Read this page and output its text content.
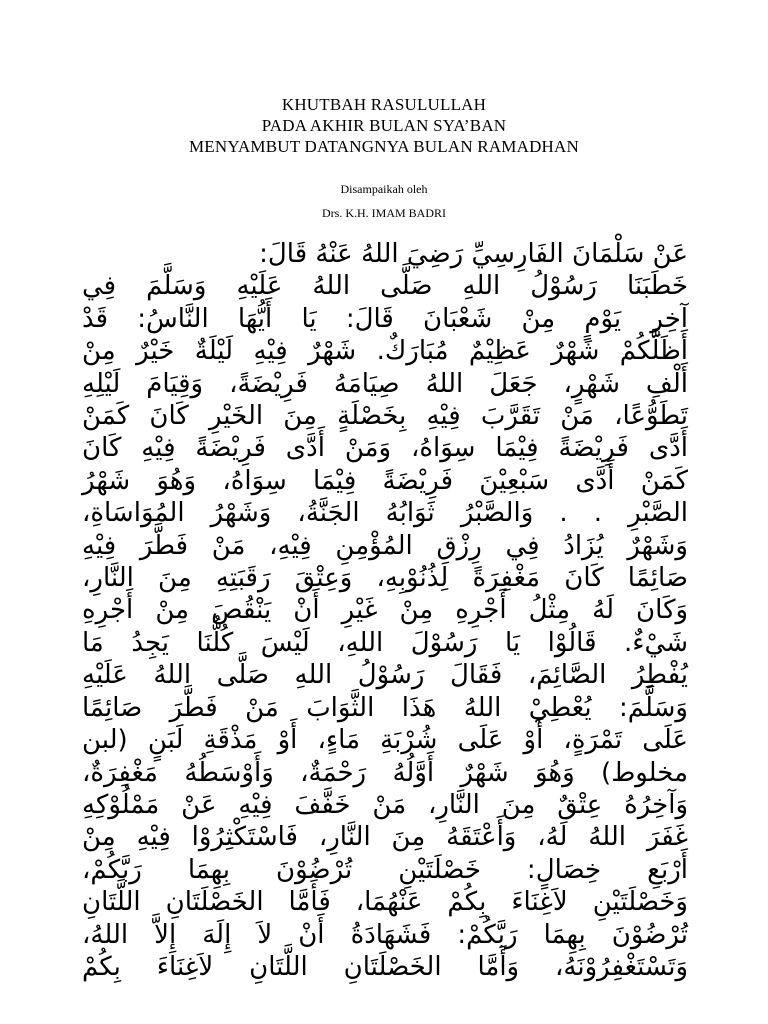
KHUTBAH RASULULLAH
PADA AKHIR BULAN SYA’BAN
MENYAMBUT DATANGNYA BULAN RAMADHAN
Disampaikah oleh
Drs. K.H. IMAM BADRI
عَنْ سَلْمَانَ الفَارِسِيِّ رَضِيَ اللهُ عَنْهُ قَالَ:
خَطَبَنَا رَسُوْلُ اللهِ صَلَّى اللهُ عَلَيْهِ وَسَلَّمَ فِي
آخِرِ يَوْمٍ مِنْ شَعْبَانَ قَالَ: يَا أَيُّهَا النَّاسُ: قَدْ
أَظَلَّكُمْ شَهْرٌ عَظِيْمٌ مُبَارَكٌ. شَهْرٌ فِيْهِ لَيْلَةٌ خَيْرٌ مِنْ
أَلْفِ شَهْرٍ، جَعَلَ اللهُ صِيَامَهُ فَرِيْضَةً، وَقِيَامَ لَيْلِهِ
تَطَوُّعًا، مَنْ تَقَرَّبَ فِيْهِ بِخَصْلَةٍ مِنَ الخَيْرِ كَانَ كَمَنْ
أَدَّى فَرِيْضَةً فِيْمَا سِوَاهُ، وَمَنْ أَدَّى فَرِيْضَةً فِيْهِ كَانَ
كَمَنْ أَدَّى سَبْعِيْنَ فَرِيْضَةً فِيْمَا سِوَاهُ، وَهُوَ شَهْرُ
الصَّبْرِ . . وَالصَّبْرُ ثَوَابُهُ الجَنَّةُ، وَشَهْرُ المُوَاسَاةِ،
وَشَهْرٌ يُزَادُ فِي رِزْقِ المُؤْمِنِ فِيْهِ، مَنْ فَطَّرَ فِيْهِ
صَائِمًا كَانَ مَغْفِرَةً لِذُنُوْبِهِ، وَعِتْقَ رَقَبَتِهِ مِنَ النَّارِ،
وَكَانَ لَهُ مِثْلُ أَجْرِهِ مِنْ غَيْرِ أَنْ يَنْقُصَ مِنْ أَجْرِهِ
شَيْءٌ. قَالُوْا يَا رَسُوْلَ اللهِ، لَيْسَ كُلُّنَا يَجِدُ مَا
يُفْطِرُ الصَّائِمَ، فَقَالَ رَسُوْلُ اللهِ صَلَّى اللهُ عَلَيْهِ
وَسَلَّمَ: يُعْطِيْ اللهُ هَذَا الثَّوَابَ مَنْ فَطَّرَ صَائِمًا
عَلَى تَمْرَةٍ، أَوْ عَلَى شُرْبَةِ مَاءٍ، أَوْ مَذْقَةِ لَبَنٍ (لبن
مخلوط) وَهُوَ شَهْرٌ أَوَّلُهُ رَحْمَةٌ، وَأَوْسَطُهُ مَغْفِرَةٌ،
وَآخِرُهُ عِتْقٌ مِنَ النَّارِ، مَنْ خَفَّفَ فِيْهِ عَنْ مَمْلُوْكِهِ
غَفَرَ اللهُ لَهُ، وَأَعْتَقَهُ مِنَ النَّارِ، فَاسْتَكْثِرُوْا فِيْهِ مِنْ
أَرْبَعِ خِصَالٍ: خَصْلَتَيْنِ تُرْضُوْنَ بِهِمَا رَبَّكُمْ،
وَخَصْلَتَيْنِ لاَغِنَاءَ بِكُمْ عَنْهُمَا، فَأَمَّا الخَصْلَتَانِ اللَّتَانِ
تُرْضُوْنَ بِهِمَا رَبَّكُمْ: فَشَهَادَةُ أَنْ لاَ إِلَهَ إِلاَّ اللهُ،
وَتَسْتَغْفِرُوْنَهُ، وَأَمَّا الخَصْلَتَانِ اللَّتَانِ لاَغِنَاءَ بِكُمْ
